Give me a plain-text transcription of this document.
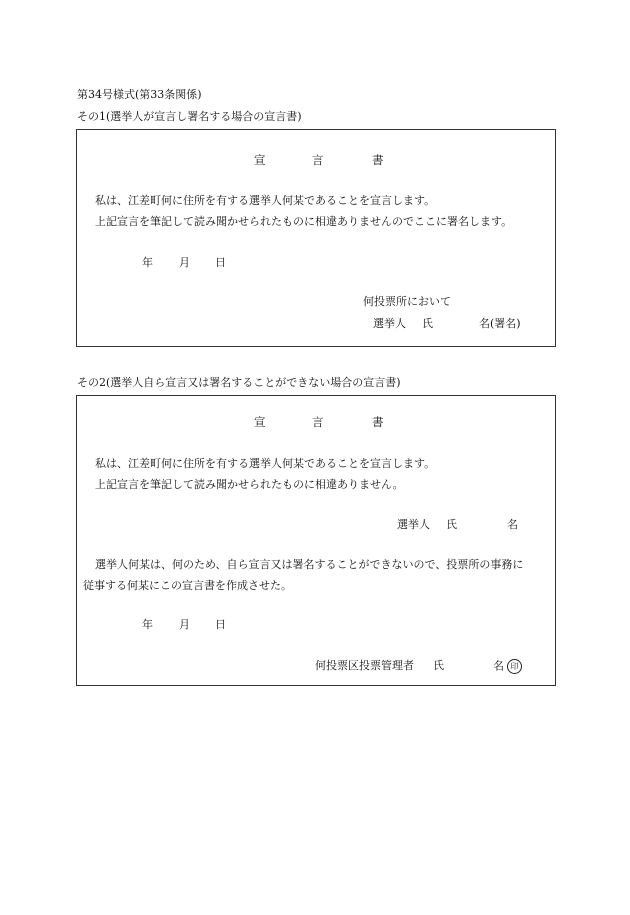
第34号様式(第33条関係)
その1(選挙人が宣言し署名する場合の宣言書)
宣	言	書
私は、江差町何に住所を有する選挙人何某であることを宣言します。
上記宣言を筆記して読み聞かせられたものに相違ありませんのでここに署名します。
年 月 日
何投票所において
選挙人 氏	名(署名)
その2(選挙人自ら宣言又は署名することができない場合の宣言書)
宣	言	書
私は、江差町何に住所を有する選挙人何某であることを宣言します。
上記宣言を筆記して読み聞かせられたものに相違ありません。
選挙人 氏	名
選挙人何某は、何のため、自ら宣言又は署名することができないので、投票所の事務に
従事する何某にこの宣言書を作成させた。
年 月 日
何投票区投票管理者 氏	名 印
